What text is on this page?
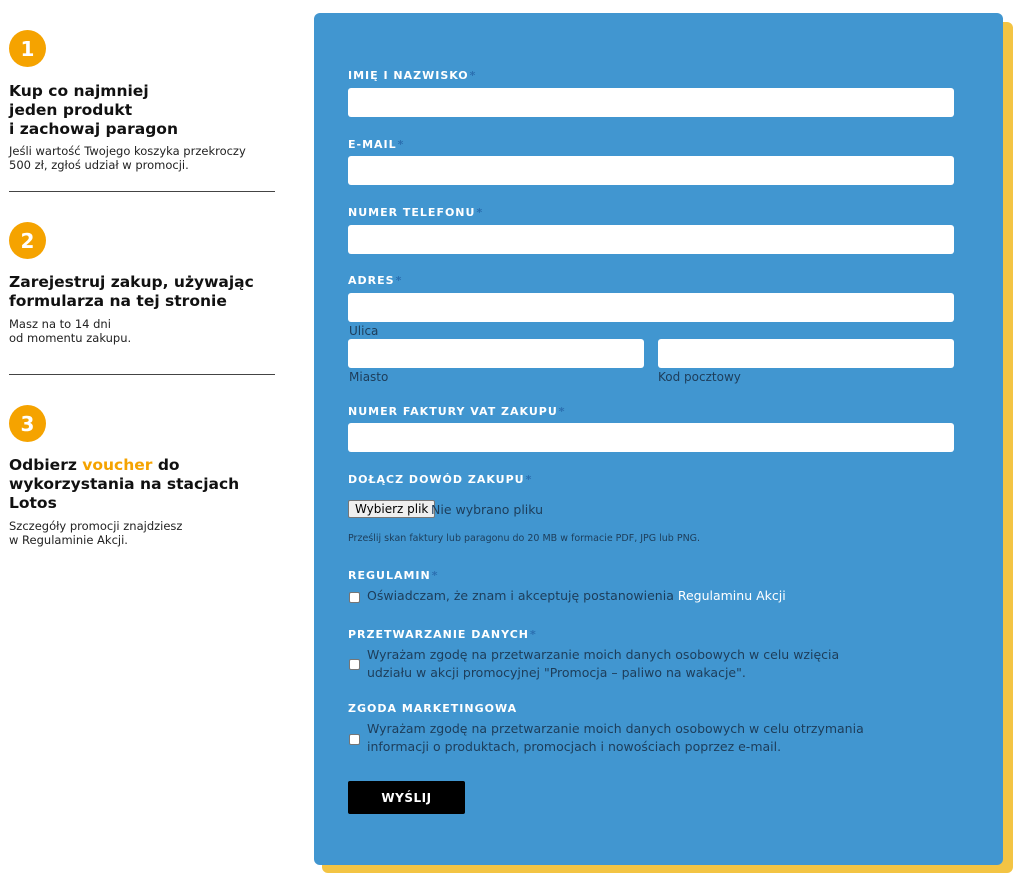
1
Kup co najmniej
jeden produkt
i zachowaj paragon
Jeśli wartość Twojego koszyka przekroczy
500 zł, zgłoś udział w promocji.
2
Zarejestruj zakup, używając
formularza na tej stronie
Masz na to 14 dni
od momentu zakupu.
3
Odbierz voucher do
wykorzystania na stacjach
Lotos
Szczegóły promocji znajdziesz
w Regulaminie Akcji.
IMIĘ I NAZWISKO*
E-MAIL*
NUMER TELEFONU*
ADRES*
Ulica
Miasto	Kod pocztowy
NUMER FAKTURY VAT ZAKUPU*
DOŁĄCZ DOWÓD ZAKUPU*
Wybierz plik Nie wybrano pliku
Prześlij skan faktury lub paragonu do 20 MB w formacie PDF, JPG lub PNG.
REGULAMIN*
Oświadczam, że znam i akceptuję postanowienia Regulaminu Akcji
PRZETWARZANIE DANYCH*
Wyrażam zgodę na przetwarzanie moich danych osobowych w celu wzięcia udziału w akcji promocyjnej "Promocja – paliwo na wakacje".
ZGODA MARKETINGOWA
Wyrażam zgodę na przetwarzanie moich danych osobowych w celu otrzymania informacji o produktach, promocjach i nowościach poprzez e-mail.
WYŚLIJ
